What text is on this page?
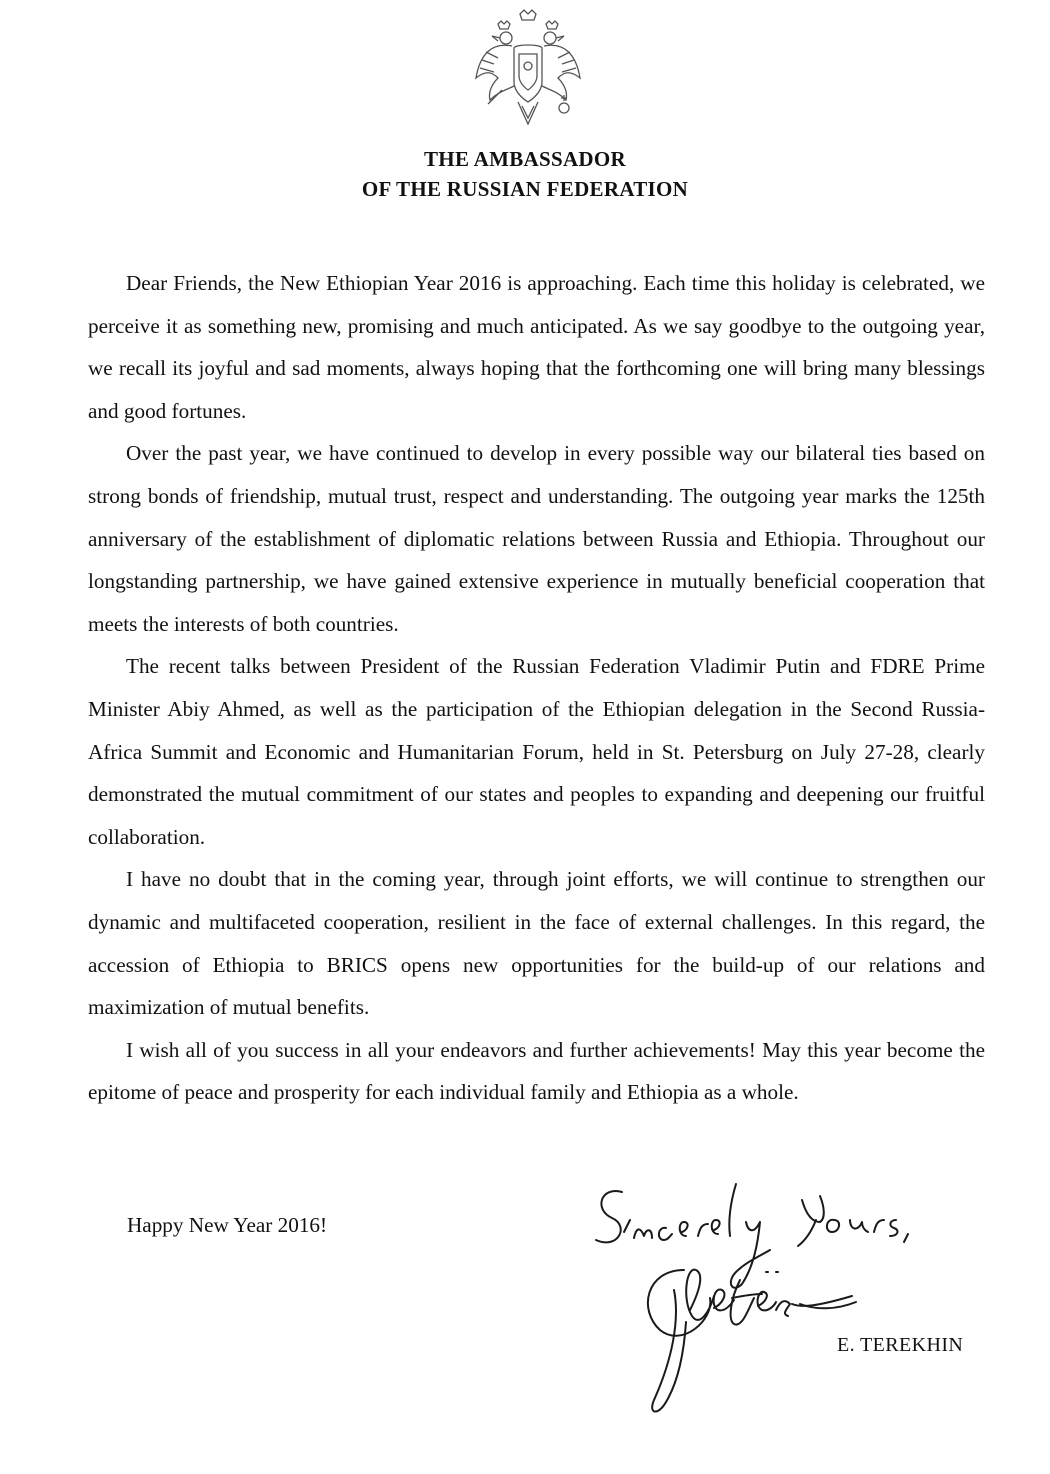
THE AMBASSADOR
OF THE RUSSIAN FEDERATION

Dear Friends, the New Ethiopian Year 2016 is approaching. Each time this holiday is celebrated, we perceive it as something new, promising and much anticipated. As we say goodbye to the outgoing year, we recall its joyful and sad moments, always hoping that the forthcoming one will bring many blessings and good fortunes.

Over the past year, we have continued to develop in every possible way our bilateral ties based on strong bonds of friendship, mutual trust, respect and understanding. The outgoing year marks the 125th anniversary of the establishment of diplomatic relations between Russia and Ethiopia. Throughout our longstanding partnership, we have gained extensive experience in mutually beneficial cooperation that meets the interests of both countries.

The recent talks between President of the Russian Federation Vladimir Putin and FDRE Prime Minister Abiy Ahmed, as well as the participation of the Ethiopian delegation in the Second Russia-Africa Summit and Economic and Humanitarian Forum, held in St. Petersburg on July 27-28, clearly demonstrated the mutual commitment of our states and peoples to expanding and deepening our fruitful collaboration.

I have no doubt that in the coming year, through joint efforts, we will continue to strengthen our dynamic and multifaceted cooperation, resilient in the face of external challenges. In this regard, the accession of Ethiopia to BRICS opens new opportunities for the build-up of our relations and maximization of mutual benefits.

I wish all of you success in all your endeavors and further achievements! May this year become the epitome of peace and prosperity for each individual family and Ethiopia as a whole.

Happy New Year 2016!
E. TEREKHIN
